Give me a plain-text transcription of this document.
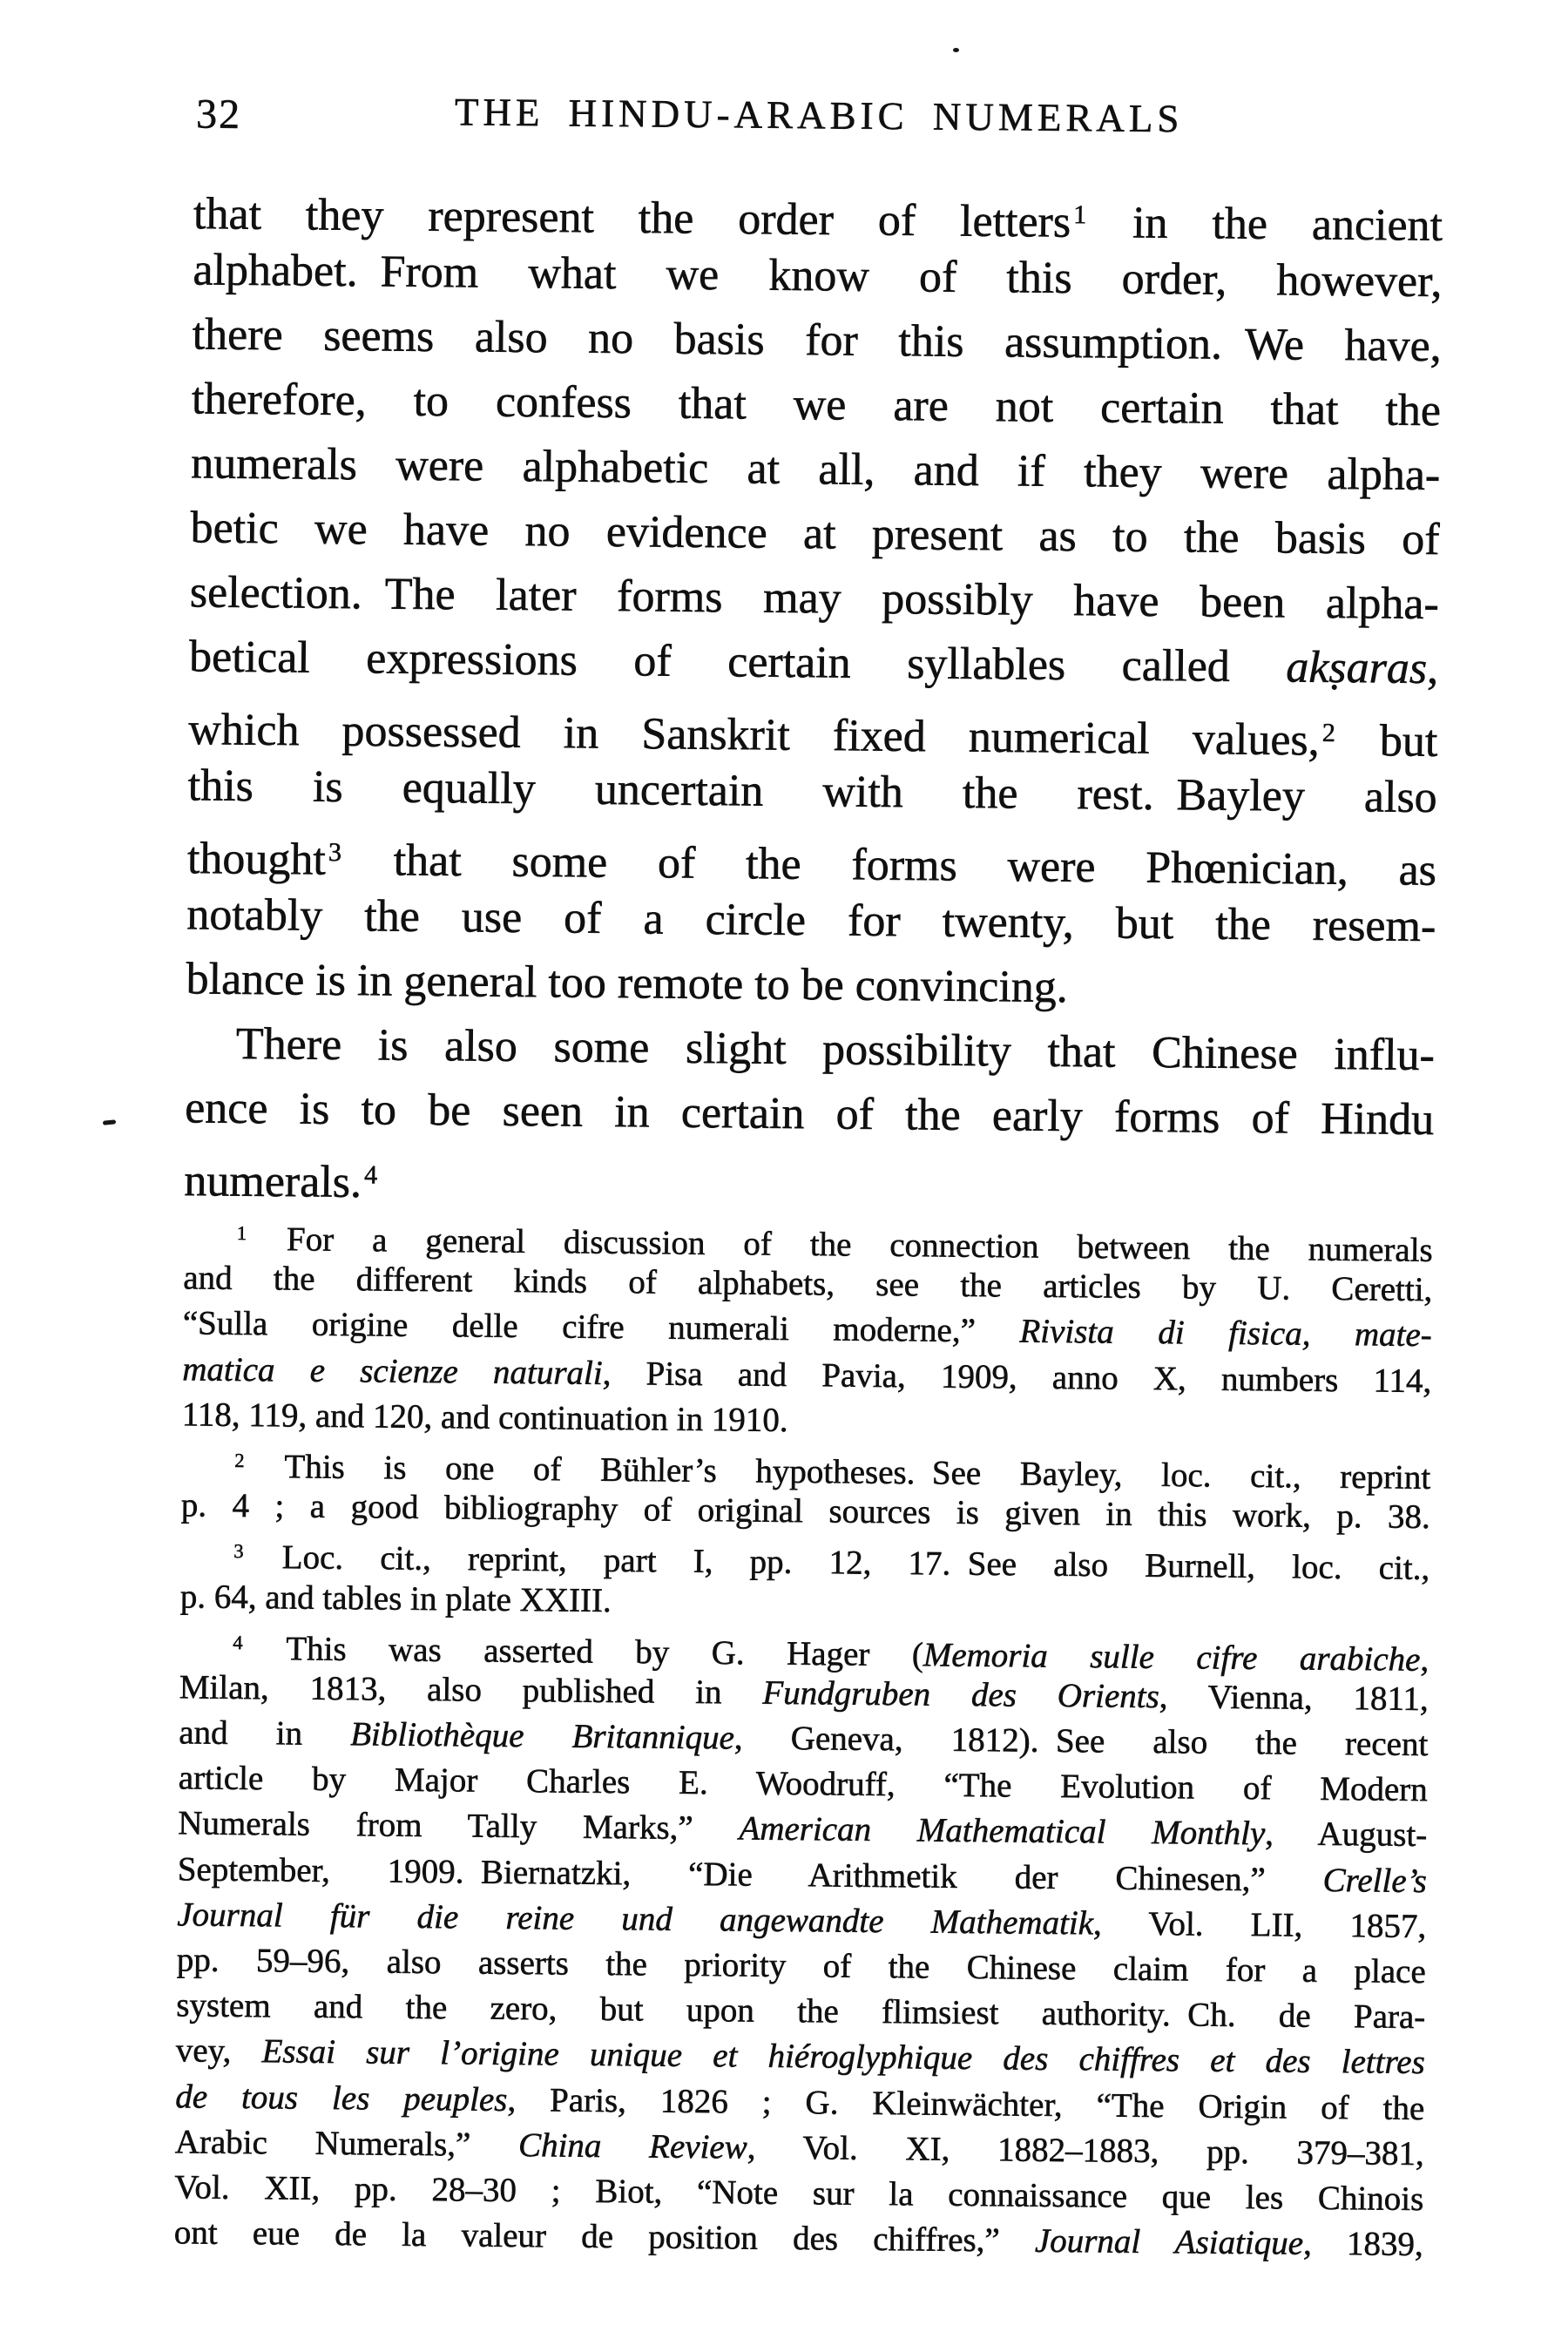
32	THE HINDU-ARABIC NUMERALS
that they represent the order of letters$^1$ in the ancient
alphabet. From what we know of this order, however,
there seems also no basis for this assumption. We have,
therefore, to confess that we are not certain that the
numerals were alphabetic at all, and if they were alpha-
betic we have no evidence at present as to the basis of
selection. The later forms may possibly have been alpha-
betical expressions of certain syllables called akṣaras,
which possessed in Sanskrit fixed numerical values,$^2$ but
this is equally uncertain with the rest. Bayley also
thought$^3$ that some of the forms were Phœnician, as
notably the use of a circle for twenty, but the resem-
blance is in general too remote to be convincing.
There is also some slight possibility that Chinese influ-
ence is to be seen in certain of the early forms of Hindu
numerals.$^4$
$^1$ For a general discussion of the connection between the numerals
and the different kinds of alphabets, see the articles by U. Ceretti,
“Sulla origine delle cifre numerali moderne,” Rivista di fisica, mate-
matica e scienze naturali, Pisa and Pavia, 1909, anno X, numbers 114,
118, 119, and 120, and continuation in 1910.
$^2$ This is one of Bühler’s hypotheses. See Bayley, loc. cit., reprint
p. 4 ; a good bibliography of original sources is given in this work, p. 38.
$^3$ Loc. cit., reprint, part I, pp. 12, 17. See also Burnell, loc. cit.,
p. 64, and tables in plate XXIII.
$^4$ This was asserted by G. Hager (Memoria sulle cifre arabiche,
Milan, 1813, also published in Fundgruben des Orients, Vienna, 1811,
and in Bibliothèque Britannique, Geneva, 1812). See also the recent
article by Major Charles E. Woodruff, “The Evolution of Modern
Numerals from Tally Marks,” American Mathematical Monthly, August-
September, 1909. Biernatzki, “Die Arithmetik der Chinesen,” Crelle’s
Journal für die reine und angewandte Mathematik, Vol. LII, 1857,
pp. 59–96, also asserts the priority of the Chinese claim for a place
system and the zero, but upon the flimsiest authority. Ch. de Para-
vey, Essai sur l’origine unique et hiéroglyphique des chiffres et des lettres
de tous les peuples, Paris, 1826 ; G. Kleinwächter, “The Origin of the
Arabic Numerals,” China Review, Vol. XI, 1882–1883, pp. 379–381,
Vol. XII, pp. 28–30 ; Biot, “Note sur la connaissance que les Chinois
ont eue de la valeur de position des chiffres,” Journal Asiatique, 1839,
